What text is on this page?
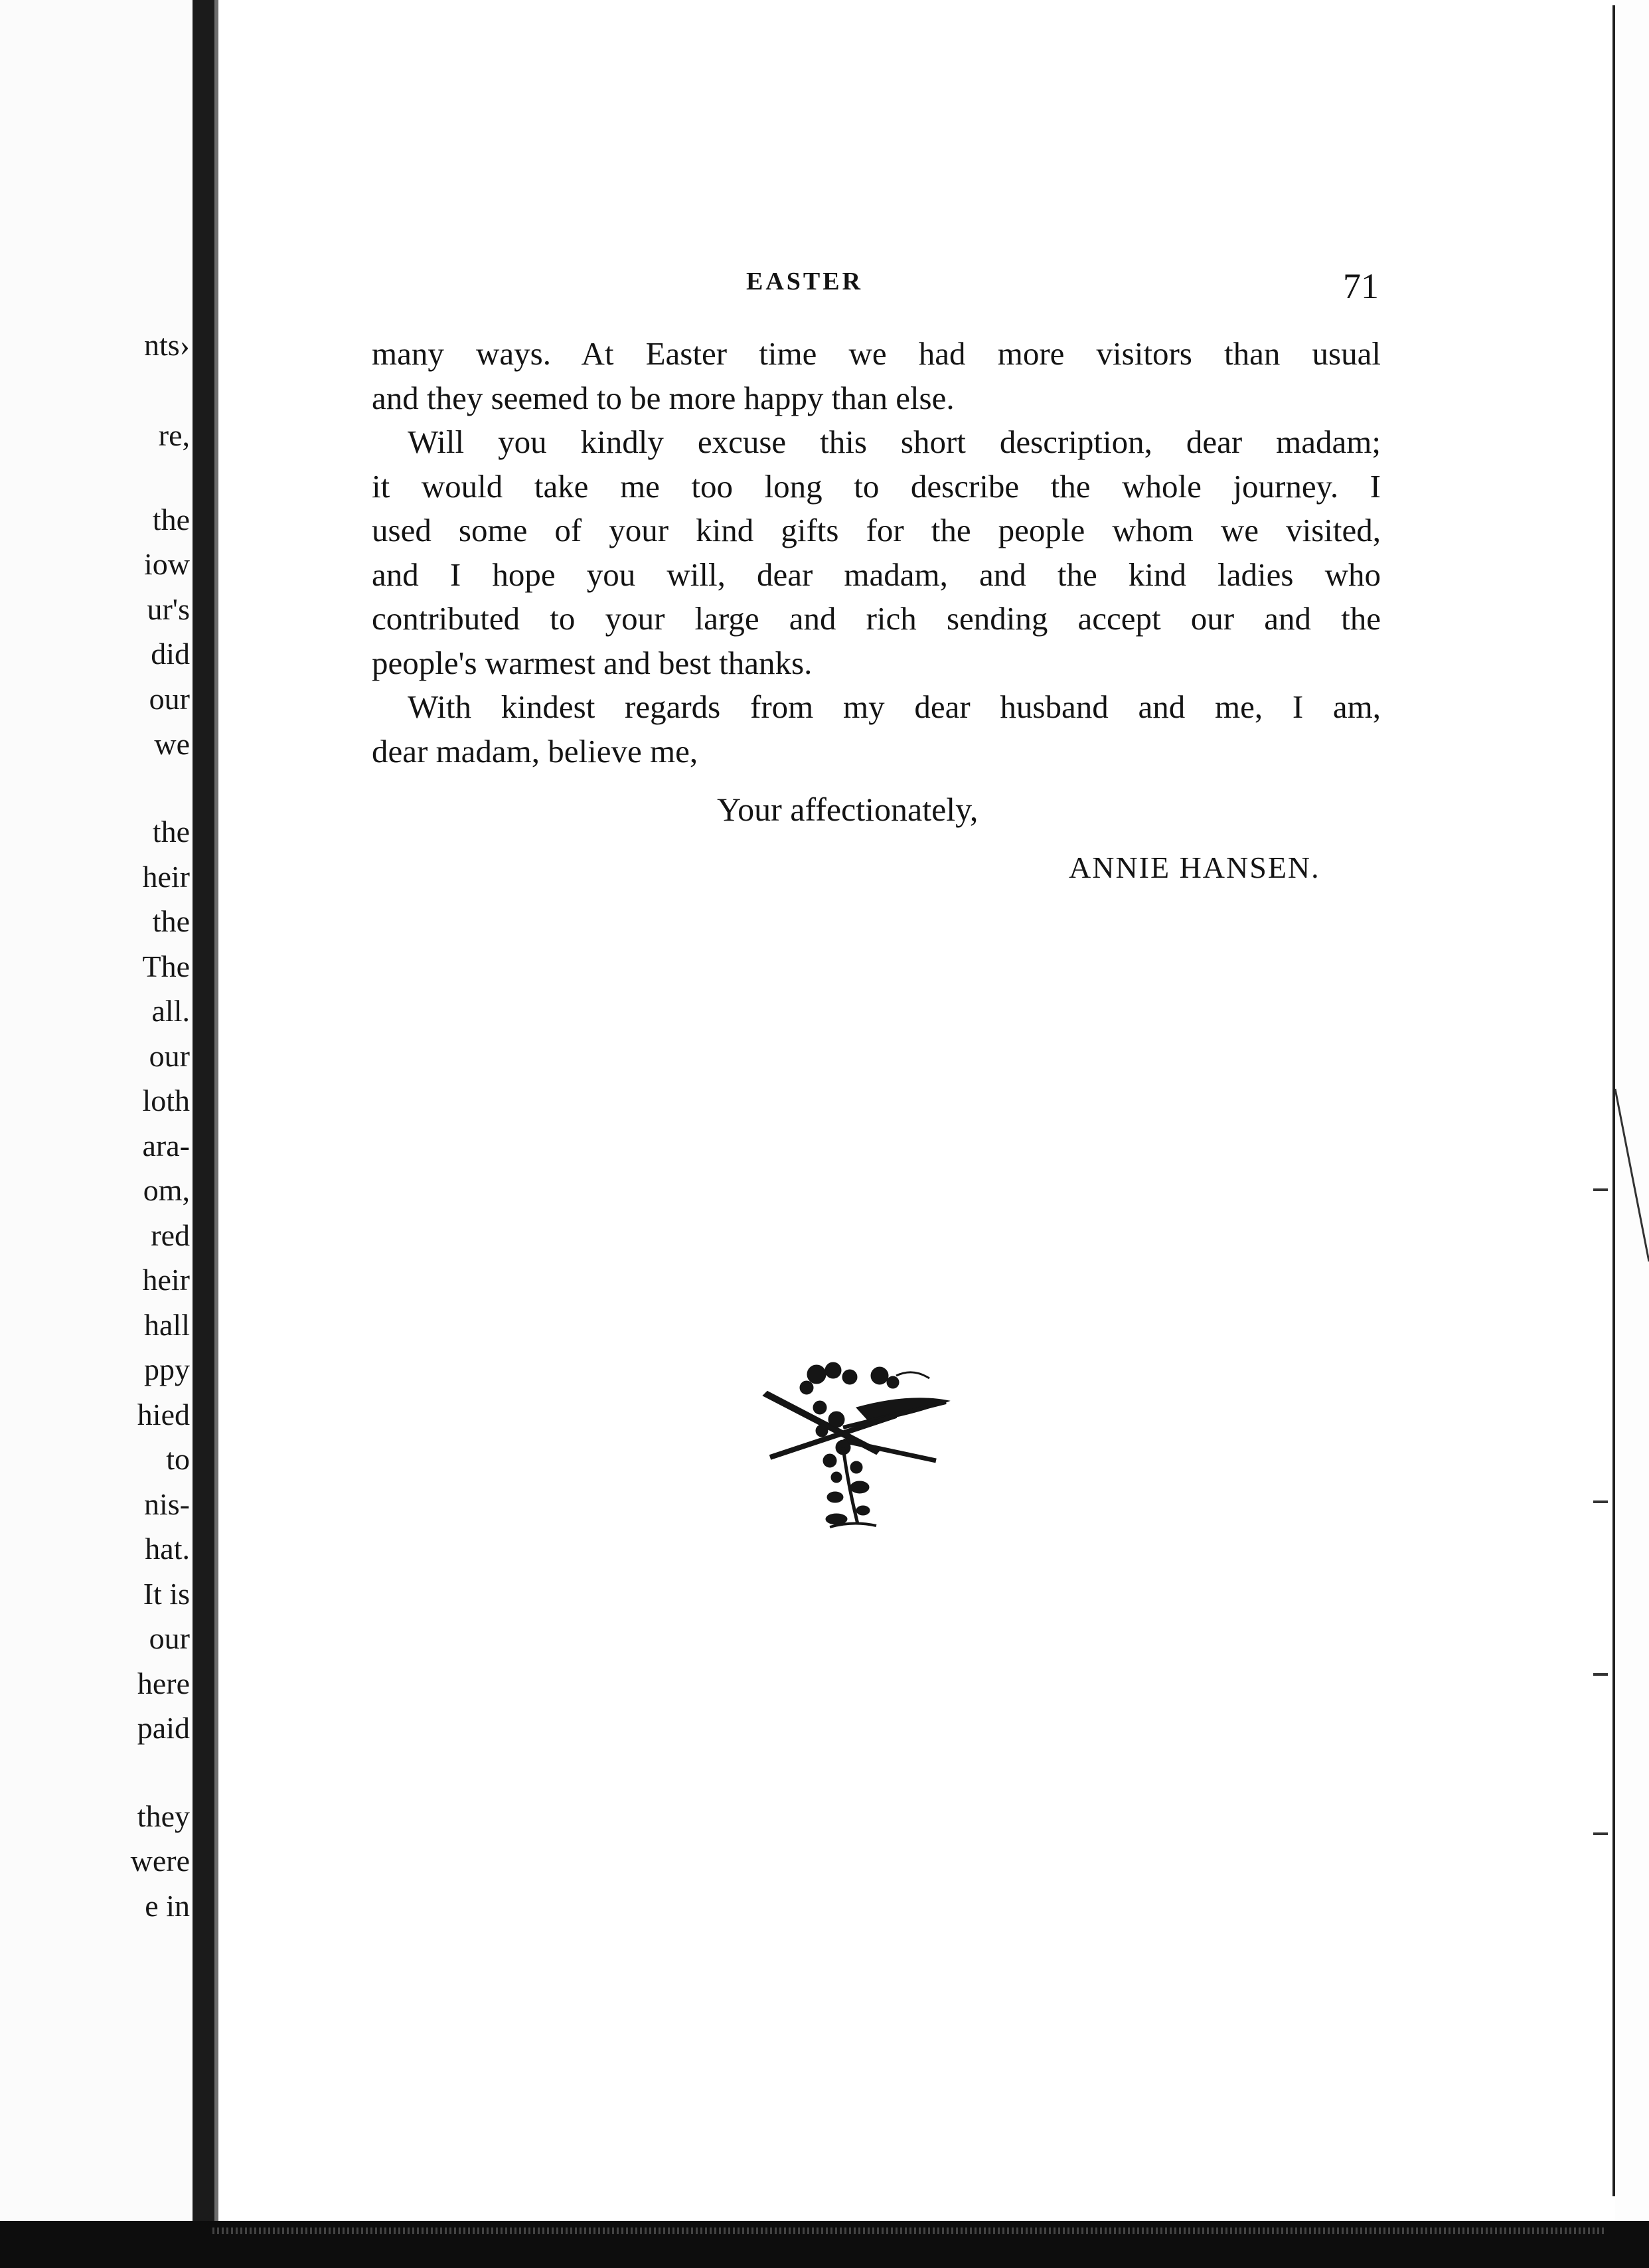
nts›
re,
the
iow
ur's
did
our
we
the
heir
the
The
all.
our
loth
ara-
om,
red
heir
hall
ppy
hied
to
nis-
hat.
It is
our
here
paid
they
were
e in
EASTER	71
many ways. At Easter time we had more visitors than usual
and they seemed to be more happy than else.
Will you kindly excuse this short description, dear madam;
it would take me too long to describe the whole journey. I
used some of your kind gifts for the people whom we visited,
and I hope you will, dear madam, and the kind ladies who
contributed to your large and rich sending accept our and the
people's warmest and best thanks.
With kindest regards from my dear husband and me, I am,
dear madam, believe me,
Your affectionately,
ANNIE HANSEN.
